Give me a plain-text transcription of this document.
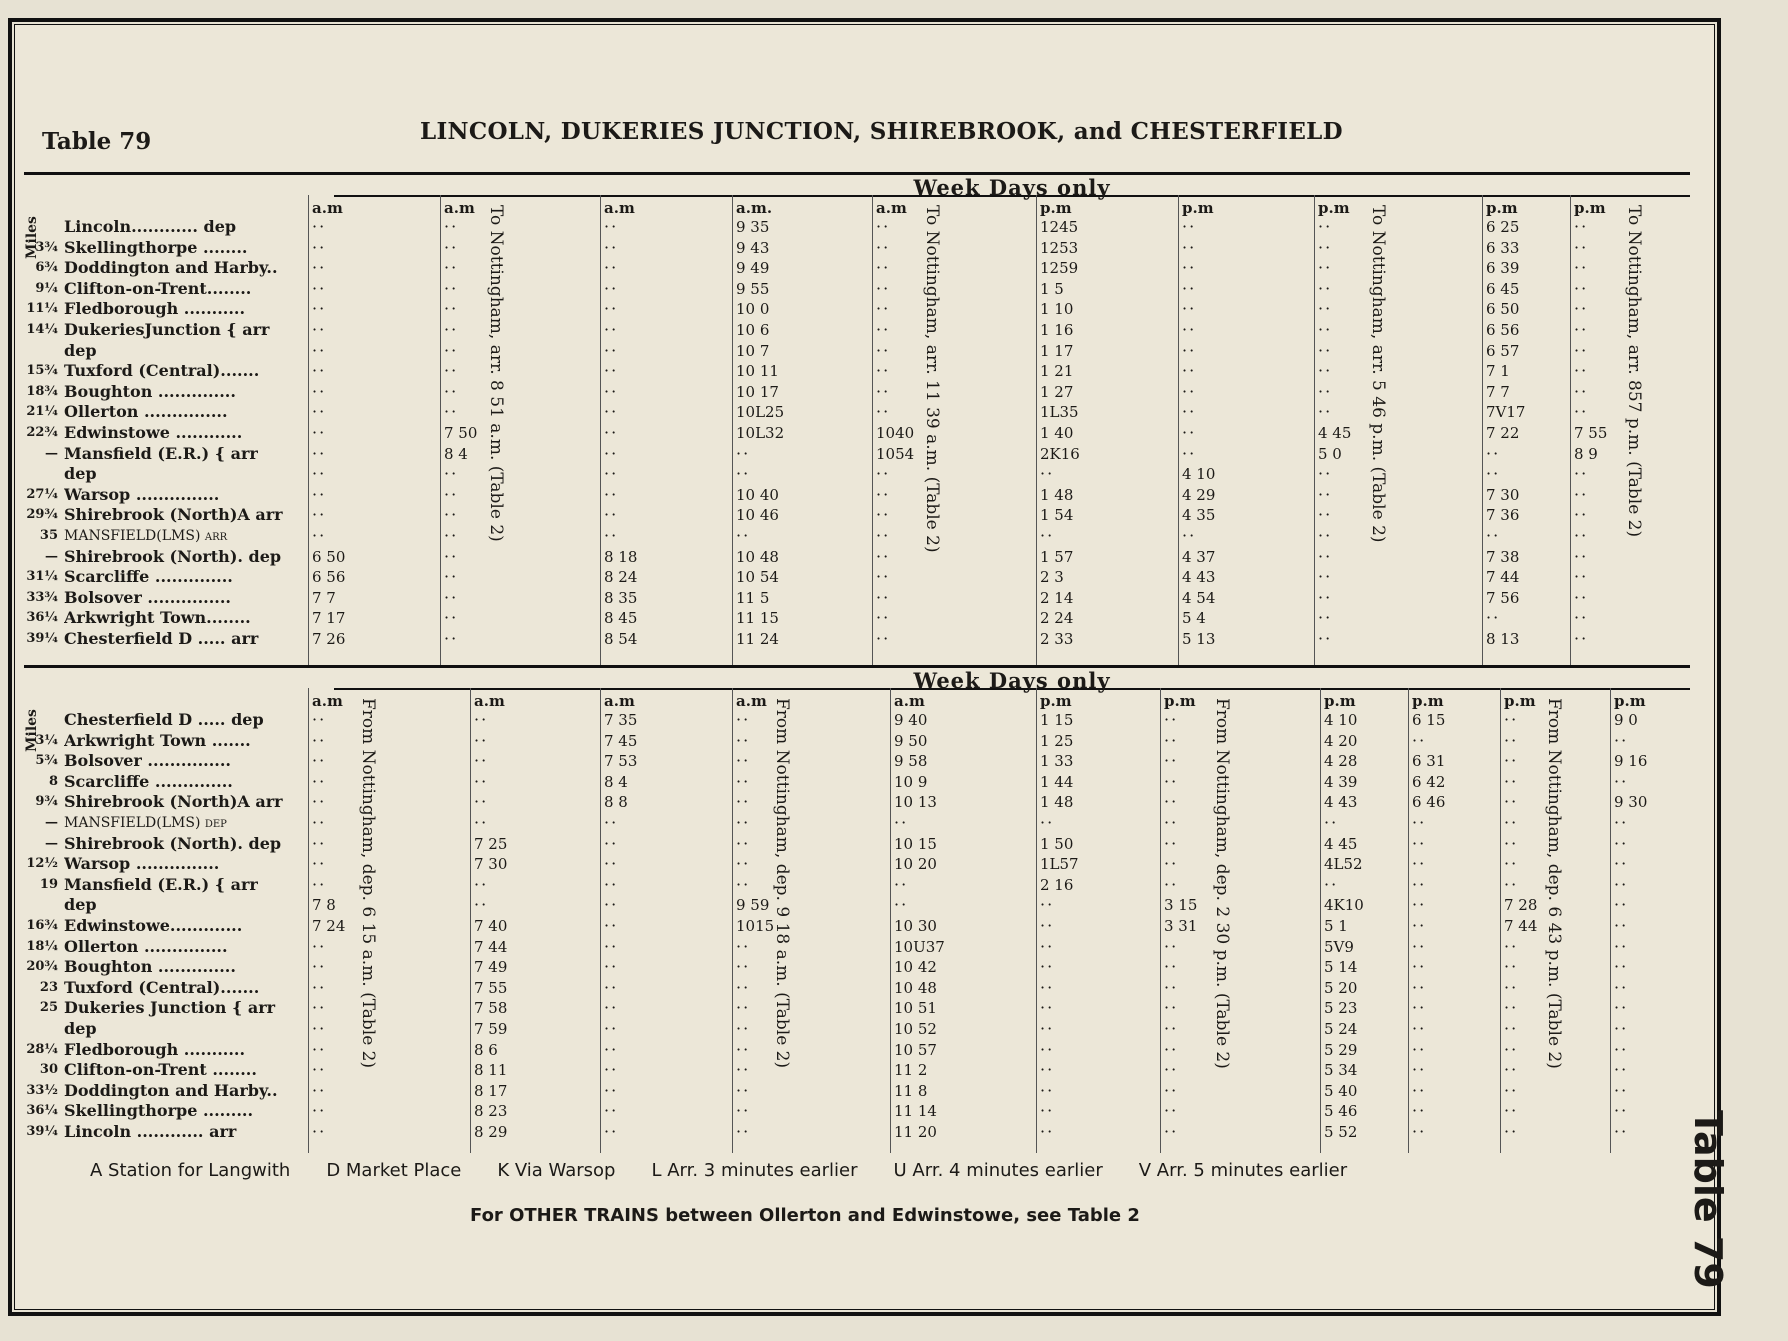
Table 79	LINCOLN, DUKERIES JUNCTION, SHIREBROOK, and CHESTERFIELD
Table 79
Week Days only
Miles
a.m	a.m	a.m	a.m.	a.m	p.m	p.m	p.m	p.m	p.m
Lincoln............ dep	··	··	··	9 35	··	1245	··	··	6 25	··
3¾ Skellingthorpe ........	··	··	··	9 43	··	1253	··	··	6 33	··
6¾ Doddington and Harby..	··	··	··	9 49	··	1259	··	··	6 39	··
9¼ Clifton-on-Trent........	··	··	··	9 55	··	1 5	··	··	6 45	··
11¼ Fledborough ...........	··	··	··	10 0	··	1 10	··	··	6 50	··
14¼ DukeriesJunction { arr	··	··	··	10 6	··	1 16	··	··	6 56	··
dep	··	··	··	10 7	··	1 17	··	··	6 57	··
15¾ Tuxford (Central).......	··	··	··	10 11	··	1 21	··	··	7 1	··
18¾ Boughton ..............	··	··	··	10 17	··	1 27	··	··	7 7	··
21¼ Ollerton ...............	··	··	··	10L25	··	1L35	··	··	7V17	··
22¾ Edwinstowe ............	··	7 50	··	10L32	1040	1 40	··	4 45	7 22	7 55
— Mansfield (E.R.) { arr	··	8 4	··	··	1054	2K16	··	5 0	··	8 9
dep	··	··	··	··	··	··	4 10	··	··	··
27¼ Warsop ...............	··	··	··	10 40	··	1 48	4 29	··	7 30	··
29¾ Shirebrook (North)A arr	··	··	··	10 46	··	1 54	4 35	··	7 36	··
35 MANSFIELD(LMS) arr	··	··	··	··	··	··	··	··	··	··
— Shirebrook (North). dep	6 50	··	8 18	10 48	··	1 57	4 37	··	7 38	··
31¼ Scarcliffe ..............	6 56	··	8 24	10 54	··	2 3	4 43	··	7 44	··
33¾ Bolsover ...............	7 7	··	8 35	11 5	··	2 14	4 54	··	7 56	··
36¼ Arkwright Town........	7 17	··	8 45	11 15	··	2 24	5 4	··	··	··
39¼ Chesterfield D ..... arr	7 26	··	8 54	11 24	··	2 33	5 13	··	8 13	··
To Nottingham, arr. 8 51 a.m. (Table 2)	To Nottingham, arr. 11 39 a.m. (Table 2)	To Nottingham, arr. 5 46 p.m. (Table 2)	To Nottingham, arr. 857 p.m. (Table 2)
Week Days only
Miles
a.m	a.m	a.m	a.m	a.m	p.m	p.m	p.m	p.m	p.m	p.m
Chesterfield D ..... dep	··	··	7 35	··	9 40	1 15	··	4 10	6 15	··	9 0
3¼ Arkwright Town .......	··	··	7 45	··	9 50	1 25	··	4 20	··	··	··
5¾ Bolsover ...............	··	··	7 53	··	9 58	1 33	··	4 28	6 31	··	9 16
8 Scarcliffe ..............	··	··	8 4	··	10 9	1 44	··	4 39	6 42	··	··
9¾ Shirebrook (North)A arr	··	··	8 8	··	10 13	1 48	··	4 43	6 46	··	9 30
— MANSFIELD(LMS) dep	··	··	··	··	··	··	··	··	··	··	··
— Shirebrook (North). dep	··	7 25	··	··	10 15	1 50	··	4 45	··	··	··
12½ Warsop ...............	··	7 30	··	··	10 20	1L57	··	4L52	··	··	··
19 Mansfield (E.R.) { arr	··	··	··	··	··	2 16	··	··	··	··	··
dep	7 8	··	··	9 59	··	··	3 15	4K10	··	7 28	··
16¾ Edwinstowe.............	7 24	7 40	··	1015	10 30	··	3 31	5 1	··	7 44	··
18¼ Ollerton ...............	··	7 44	··	··	10U37	··	··	5V9	··	··	··
20¾ Boughton ..............	··	7 49	··	··	10 42	··	··	5 14	··	··	··
23 Tuxford (Central).......	··	7 55	··	··	10 48	··	··	5 20	··	··	··
25 Dukeries Junction { arr	··	7 58	··	··	10 51	··	··	5 23	··	··	··
dep	··	7 59	··	··	10 52	··	··	5 24	··	··	··
28¼ Fledborough ...........	··	8 6	··	··	10 57	··	··	5 29	··	··	··
30 Clifton-on-Trent ........	··	8 11	··	··	11 2	··	··	5 34	··	··	··
33½ Doddington and Harby..	··	8 17	··	··	11 8	··	··	5 40	··	··	··
36¼ Skellingthorpe .........	··	8 23	··	··	11 14	··	··	5 46	··	··	··
39¼ Lincoln ............ arr	··	8 29	··	··	11 20	··	··	5 52	··	··	··
From Nottingham, dep. 6 15 a.m. (Table 2)	From Nottingham, dep. 9 18 a.m. (Table 2)	From Nottingham, dep. 2 30 p.m. (Table 2)	From Nottingham, dep. 6 43 p.m. (Table 2)
A Station for Langwith D Market Place K Via Warsop L Arr. 3 minutes earlier U Arr. 4 minutes earlier V Arr. 5 minutes earlier
For OTHER TRAINS between Ollerton and Edwinstowe, see Table 2
